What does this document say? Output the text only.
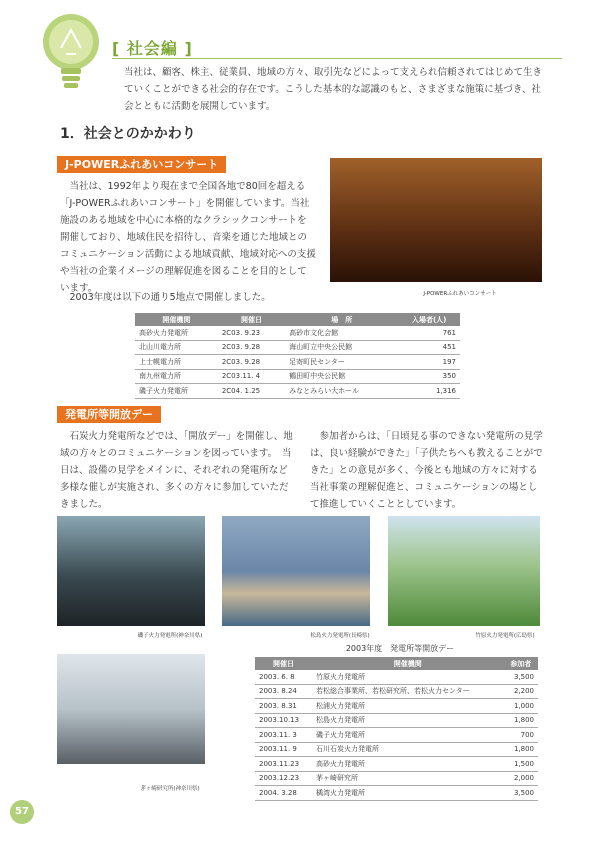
[ 社会編 ]
当社は、顧客、株主、従業員、地域の方々、取引先などによって支えられ信頼されてはじめて生きていくことができる社会的存在です。こうした基本的な認識のもと、さまざまな施策に基づき、社会とともに活動を展開しています。
1．社会とのかかわり
J-POWERふれあいコンサート
当社は、1992年より現在まで全国各地で80回を超える「J-POWERふれあいコンサート」を開催しています。当社施設のある地域を中心に本格的なクラシックコンサートを開催しており、地域住民を招待し、音楽を通じた地域とのコミュニケーション活動による地域貢献、地域対応への支援や当社の企業イメージの理解促進を図ることを目的としています。
2003年度は以下の通り5地点で開催しました。	J-POWERふれあいコンサート
開催機関	開催日	場　所	入場者(人)
高砂火力発電所	2C03. 9.23	高砂市文化会館	761
北山川電力所	2C03. 9.28	海山町立中央公民館	451
上士幌電力所	2C03. 9.28	足寄町民センター	197
南九州電力所	2C03.11. 4	鶴田町中央公民館	350
磯子火力発電所	2C04. 1.25	みなとみらい大ホール	1,316
発電所等開放デー
石炭火力発電所などでは、「開放デー」を開催し、地域の方々とのコミュニケーションを図っています。　当日は、設備の見学をメインに、それぞれの発電所など多様な催しが実施され、多くの方々に参加していただきました。
参加者からは、「日頃見る事のできない発電所の見学は、良い経験ができた」「子供たちへも教えることができた」との意見が多く、今後とも地域の方々に対する当社事業の理解促進と、コミュニケーションの場として推進していくこととしています。
磯子火力発電所(神奈川県)	松島火力発電所(長崎県)	竹原火力発電所(広島県)
茅ヶ崎研究所(神奈川県)
2003年度　発電所等開放デー
開催日	開催機関	参加者
2003. 6. 8	竹原火力発電所	3,500
2003. 8.24	若松総合事業所、若松研究所、若松火力センター	2,200
2003. 8.31	松浦火力発電所	1,000
2003.10.13	松島火力発電所	1,800
2003.11. 3	磯子火力発電所	700
2003.11. 9	石川石炭火力発電所	1,800
2003.11.23	高砂火力発電所	1,500
2003.12.23	茅ヶ崎研究所	2,000
2004. 3.28	橘湾火力発電所	3,500
57
